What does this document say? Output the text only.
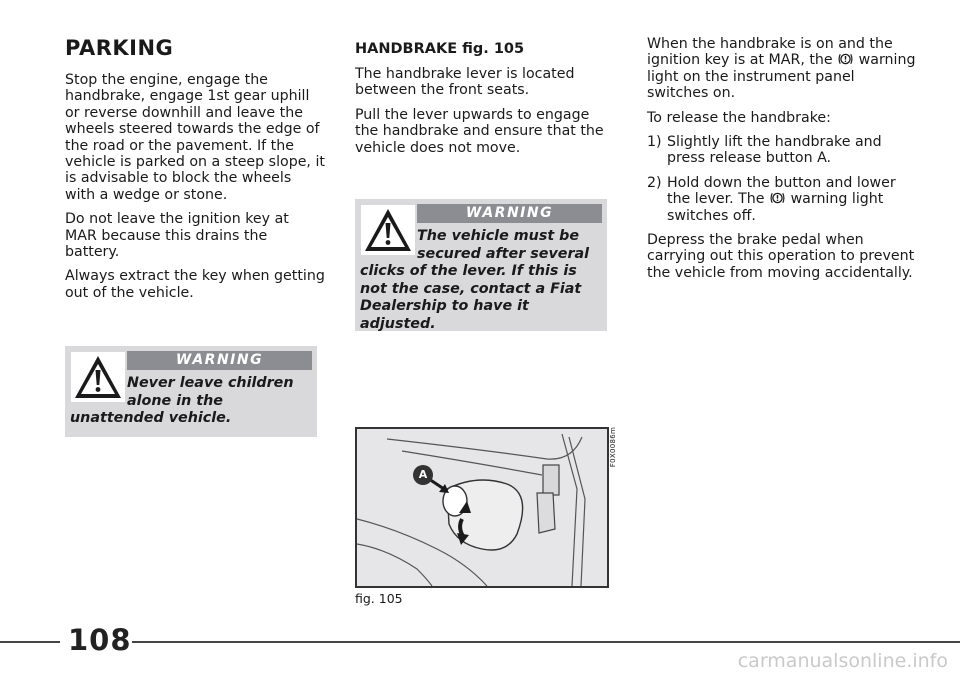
PARKING

Stop the engine, engage the handbrake, engage 1st gear uphill or reverse downhill and leave the wheels steered towards the edge of the road or the pavement. If the vehicle is parked on a steep slope, it is advisable to block the wheels with a wedge or stone.

Do not leave the ignition key at MAR because this drains the battery.

Always extract the key when getting out of the vehicle.

WARNING
Never leave children alone in the unattended vehicle.
HANDBRAKE fig. 105

The handbrake lever is located between the front seats.

Pull the lever upwards to engage the handbrake and ensure that the vehicle does not move.

WARNING
The vehicle must be secured after several clicks of the lever. If this is not the case, contact a Fiat Dealership to have it adjusted.
A
F0X0086m
fig. 105

When the handbrake is on and the ignition key is at MAR, the warning light on the instrument panel switches on.

To release the handbrake:

1) Slightly lift the handbrake and press release button A.
2) Hold down the button and lower the lever. The warning light switches off.

Depress the brake pedal when carrying out this operation to prevent the vehicle from moving accidentally.

108
carmanualsonline.info
